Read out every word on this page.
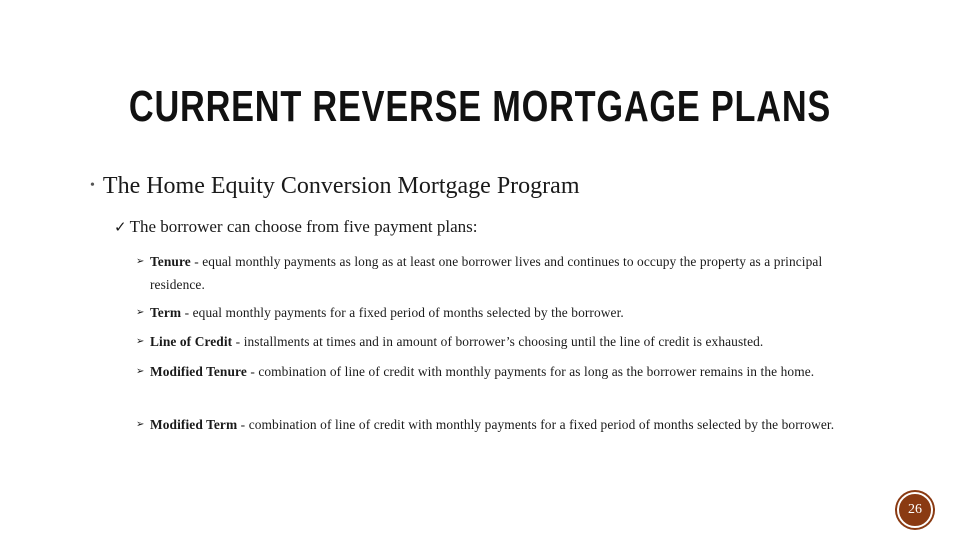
CURRENT REVERSE MORTGAGE PLANS
• The Home Equity Conversion Mortgage Program
✓ The borrower can choose from five payment plans:
➢ Tenure - equal monthly payments as long as at least one borrower lives and continues to occupy the property as a principal residence.
➢ Term - equal monthly payments for a fixed period of months selected by the borrower.
➢ Line of Credit - installments at times and in amount of borrower’s choosing until the line of credit is exhausted.
➢ Modified Tenure - combination of line of credit with monthly payments for as long as the borrower remains in the home.
➢ Modified Term - combination of line of credit with monthly payments for a fixed period of months selected by the borrower.
26
